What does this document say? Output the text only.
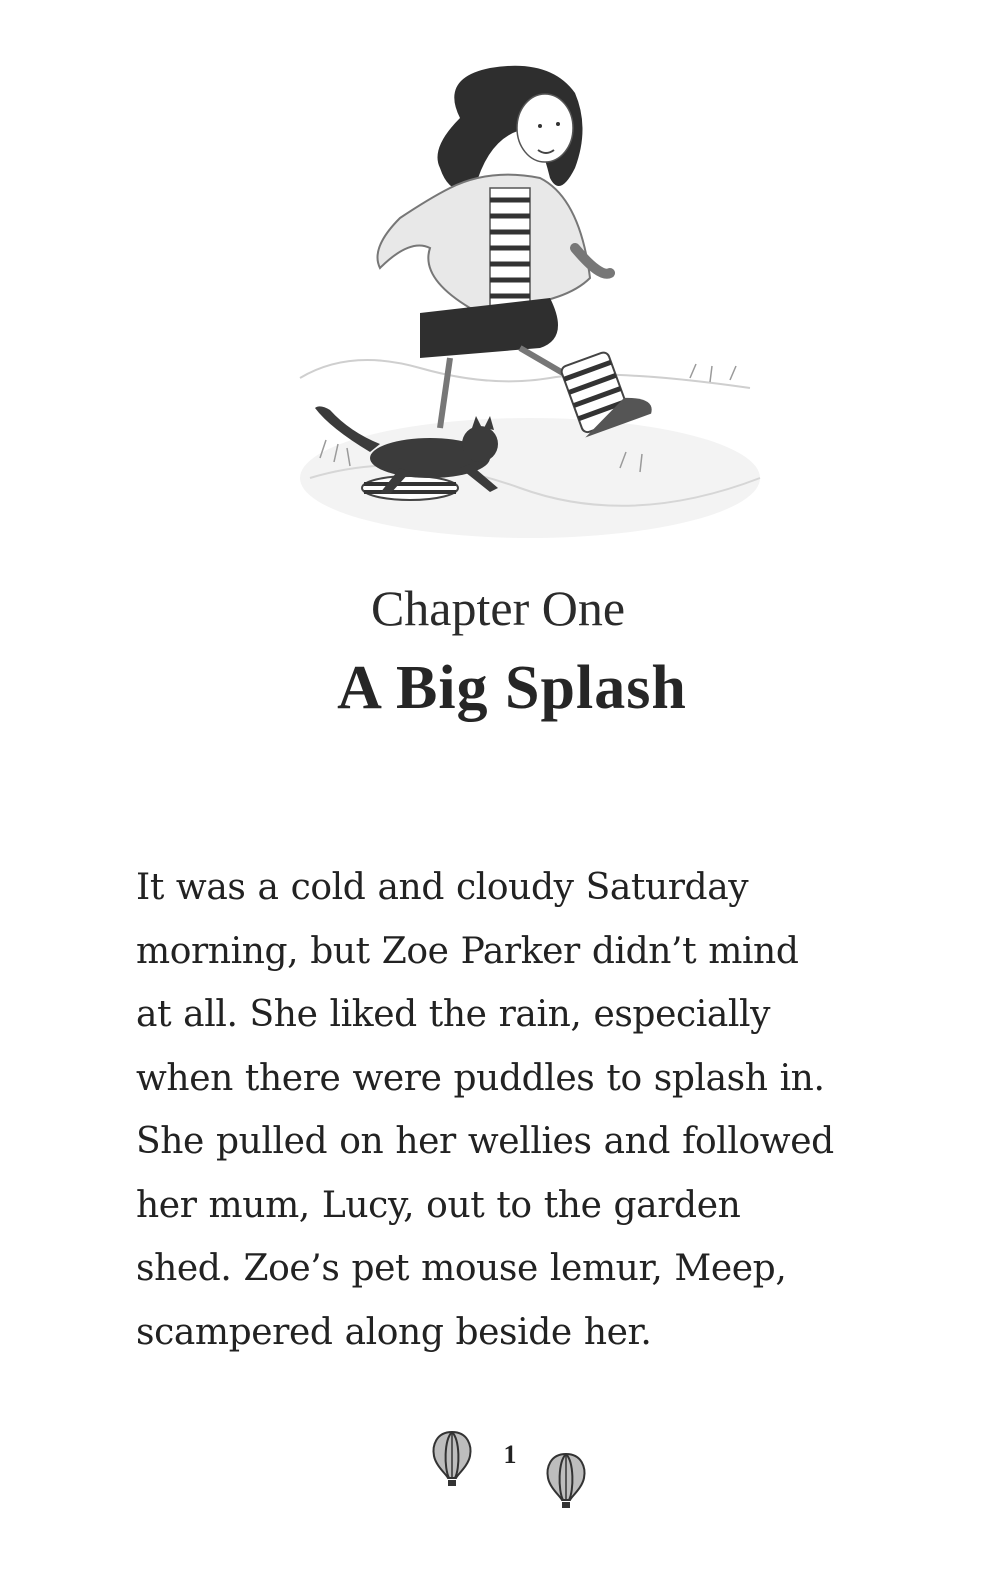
Chapter One
A Big Splash
It was a cold and cloudy Saturday
morning, but Zoe Parker didn’t mind
at all. She liked the rain, especially
when there were puddles to splash in.
She pulled on her wellies and followed
her mum, Lucy, out to the garden
shed. Zoe’s pet mouse lemur, Meep,
scampered along beside her.
1
